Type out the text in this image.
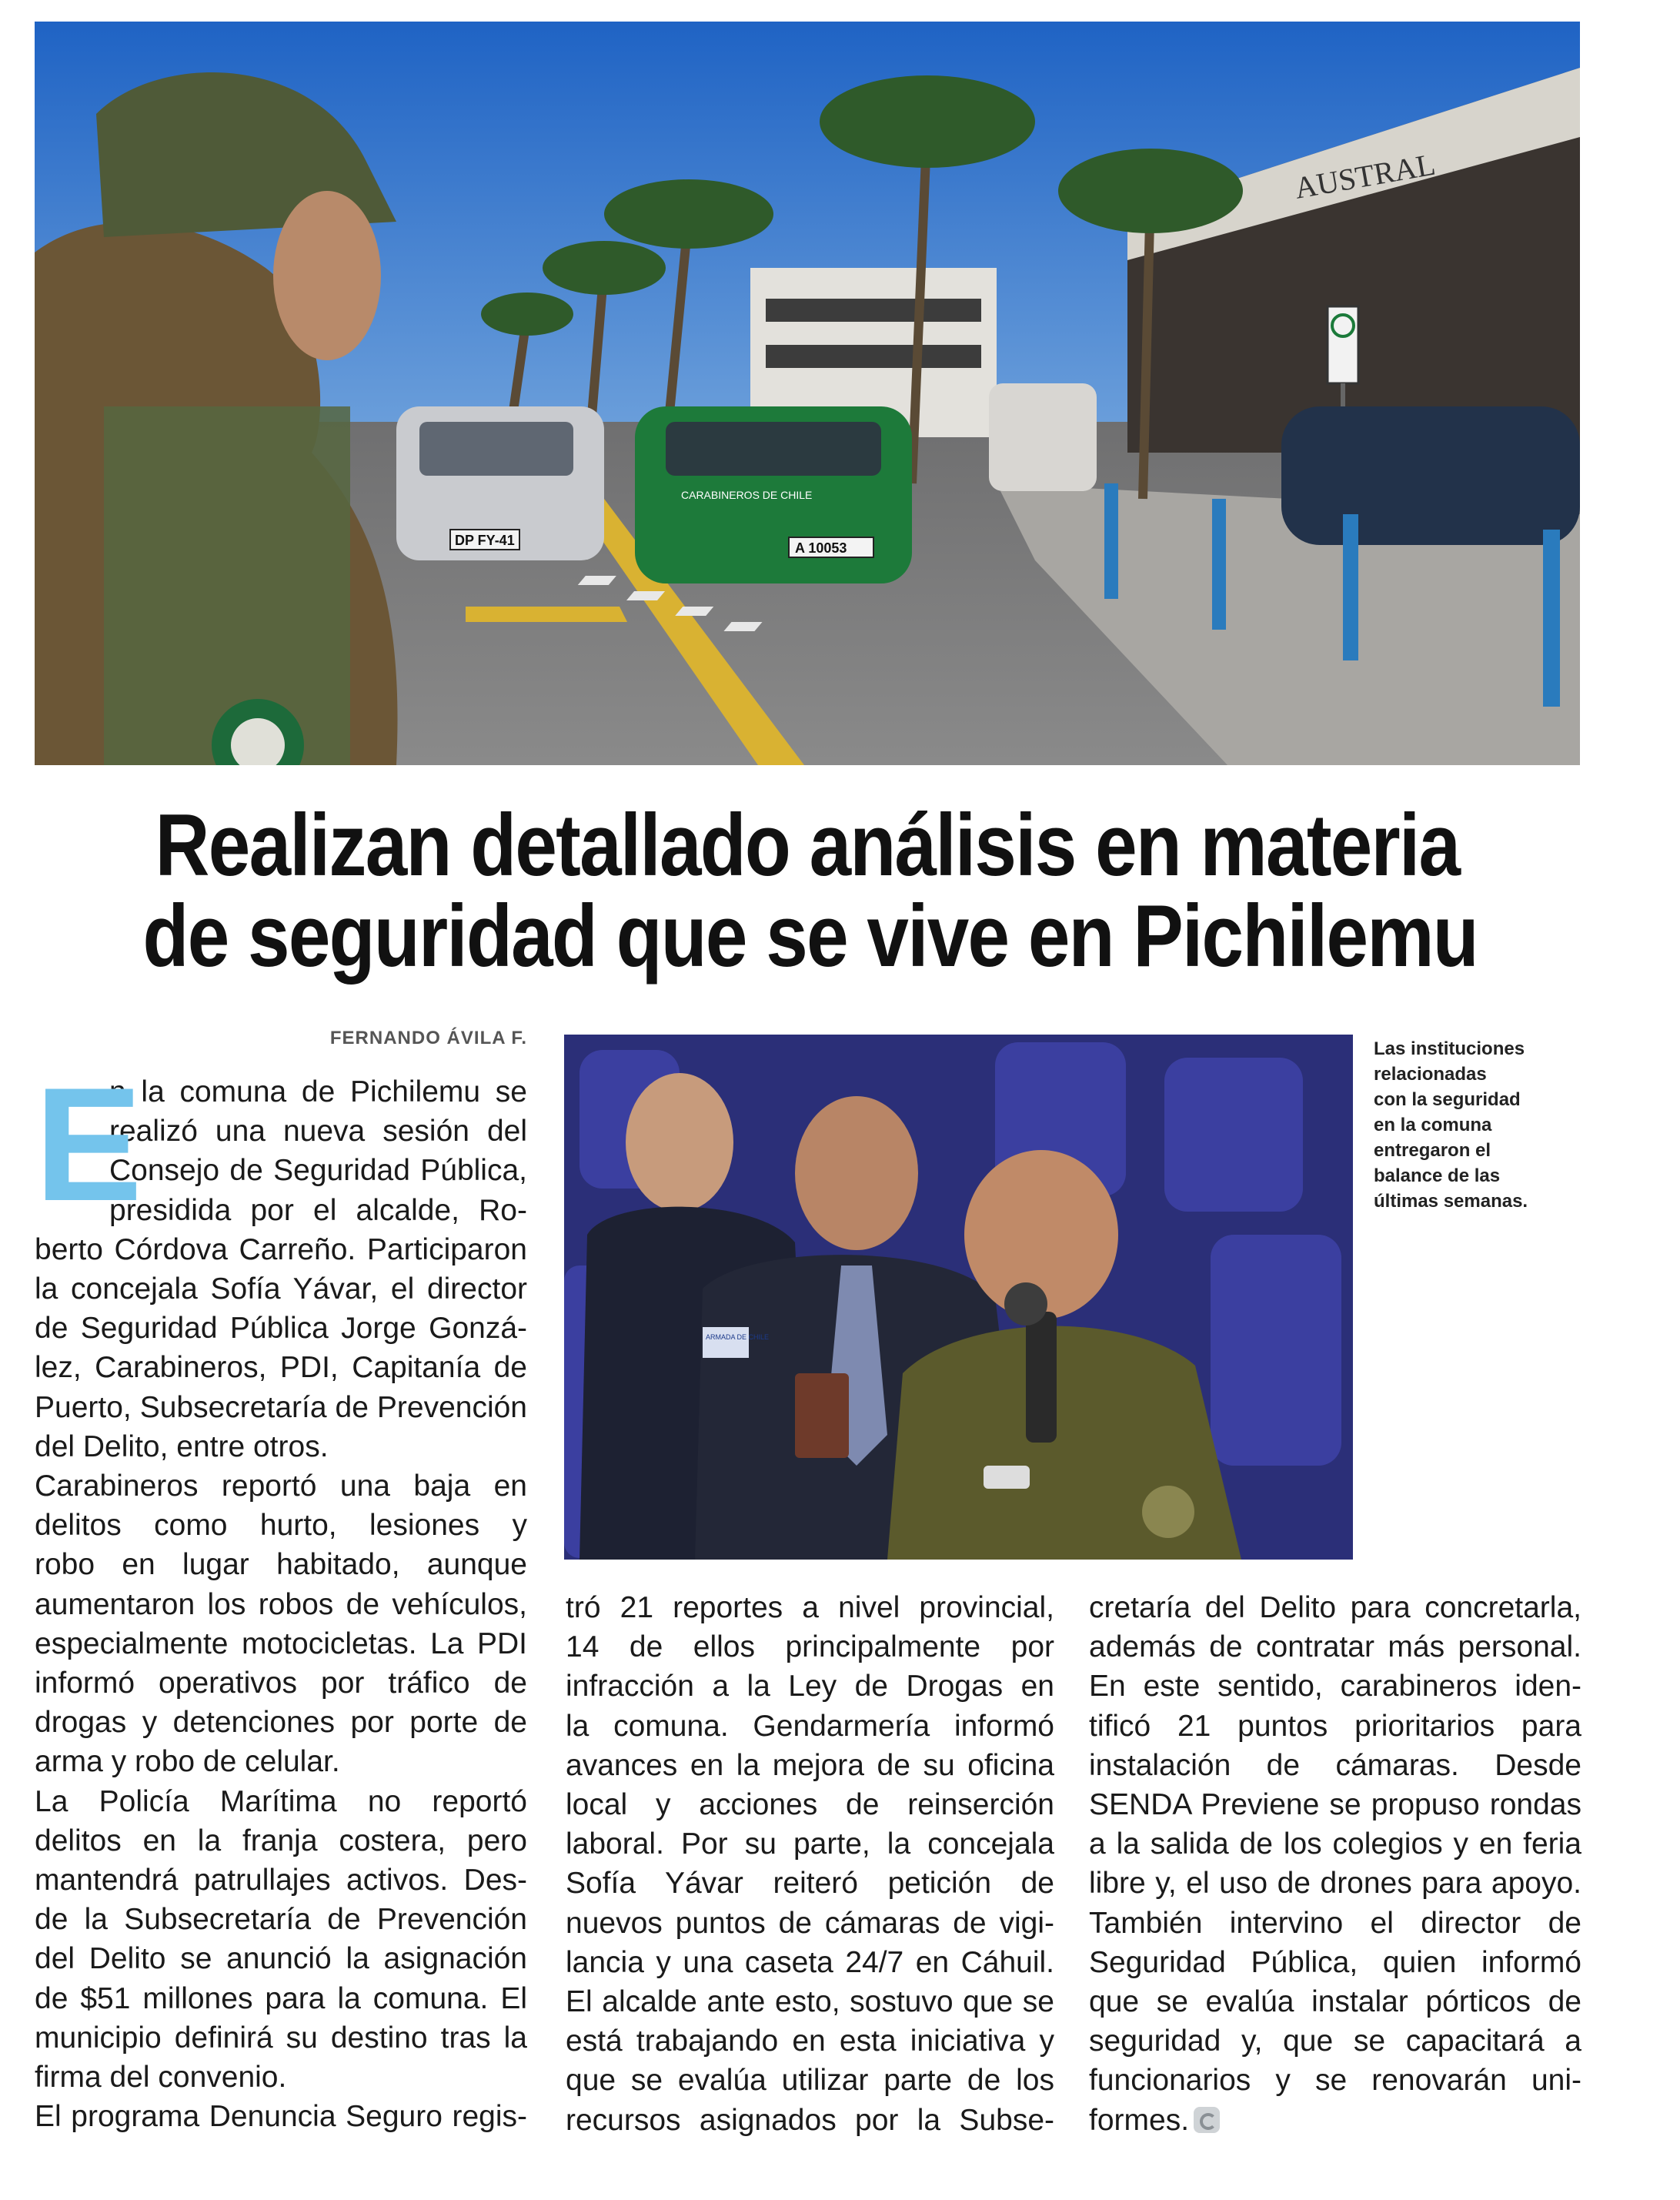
AUSTRAL
DP FY-41	A 10053
CARABINEROS DE CHILE
Realizan detallado análisis en materia
de seguridad que se vive en Pichilemu
FERNANDO ÁVILA F.
E
n la comuna de Pichilemu se
realizó una nueva sesión del
Consejo de Seguridad Pública,
presidida por el alcalde, Ro-
berto Córdova Carreño. Participaron
la concejala Sofía Yávar, el director
de Seguridad Pública Jorge Gonzá-
lez, Carabineros, PDI, Capitanía de
Puerto, Subsecretaría de Prevención
del Delito, entre otros.
Carabineros reportó una baja en
delitos como hurto, lesiones y
robo en lugar habitado, aunque
aumentaron los robos de vehículos,
especialmente motocicletas. La PDI
informó operativos por tráfico de
drogas y detenciones por porte de
arma y robo de celular.
La Policía Marítima no reportó
delitos en la franja costera, pero
mantendrá patrullajes activos. Des-
de la Subsecretaría de Prevención
del Delito se anunció la asignación
de $51 millones para la comuna. El
municipio definirá su destino tras la
firma del convenio.
El programa Denuncia Seguro regis-
ARMADA DE CHILE
Las instituciones
relacionadas
con la seguridad
en la comuna
entregaron el
balance de las
últimas semanas.
tró 21 reportes a nivel provincial,
14 de ellos principalmente por
infracción a la Ley de Drogas en
la comuna. Gendarmería informó
avances en la mejora de su oficina
local y acciones de reinserción
laboral. Por su parte, la concejala
Sofía Yávar reiteró petición de
nuevos puntos de cámaras de vigi-
lancia y una caseta 24/7 en Cáhuil.
El alcalde ante esto, sostuvo que se
está trabajando en esta iniciativa y
que se evalúa utilizar parte de los
recursos asignados por la Subse-
cretaría del Delito para concretarla,
además de contratar más personal.
En este sentido, carabineros iden-
tificó 21 puntos prioritarios para
instalación de cámaras. Desde
SENDA Previene se propuso rondas
a la salida de los colegios y en feria
libre y, el uso de drones para apoyo.
También intervino el director de
Seguridad Pública, quien informó
que se evalúa instalar pórticos de
seguridad y, que se capacitará a
funcionarios y se renovarán uni-
formes.
